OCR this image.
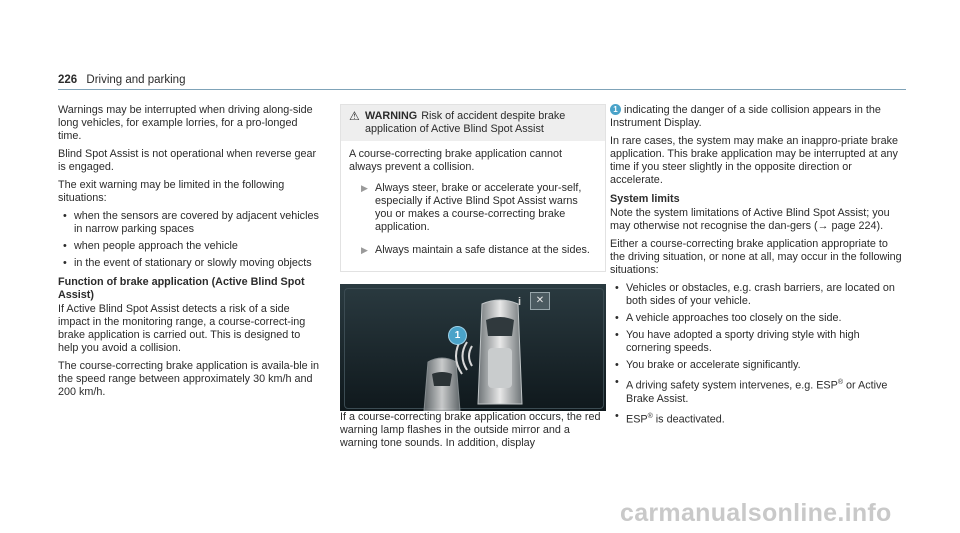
226 Driving and parking

Warnings may be interrupted when driving along-side long vehicles, for example lorries, for a pro-longed time.

Blind Spot Assist is not operational when reverse gear is engaged.

The exit warning may be limited in the following situations:

• when the sensors are covered by adjacent vehicles in narrow parking spaces
• when people approach the vehicle
• in the event of stationary or slowly moving objects
Function of brake application (Active Blind Spot Assist)

If Active Blind Spot Assist detects a risk of a side impact in the monitoring range, a course-correct-ing brake application is carried out. This is designed to help you avoid a collision.

The course-correcting brake application is availa-ble in the speed range between approximately 30 km/h and 200 km/h.

⚠ WARNING Risk of accident despite brake application of Active Blind Spot Assist

A course-correcting brake application cannot always prevent a collision.

▶ Always steer, brake or accelerate your-self, especially if Active Blind Spot Assist warns you or makes a course-correcting brake application.
▶ Always maintain a safe distance at the sides.
i	✕
1

If a course-correcting brake application occurs, the red warning lamp flashes in the outside mirror and a warning tone sounds. In addition, display

1 indicating the danger of a side collision appears in the Instrument Display.

In rare cases, the system may make an inappro-priate brake application. This brake application may be interrupted at any time if you steer slightly in the opposite direction or accelerate.

System limits

Note the system limitations of Active Blind Spot Assist; you may otherwise not recognise the dan-gers (→ page 224).

Either a course-correcting brake application appropriate to the driving situation, or none at all, may occur in the following situations:

• Vehicles or obstacles, e.g. crash barriers, are located on both sides of your vehicle.
• A vehicle approaches too closely on the side.
• You have adopted a sporty driving style with high cornering speeds.
• You brake or accelerate significantly.
• A driving safety system intervenes, e.g. ESP® or Active Brake Assist.
• ESP® is deactivated.
carmanualsonline.info
